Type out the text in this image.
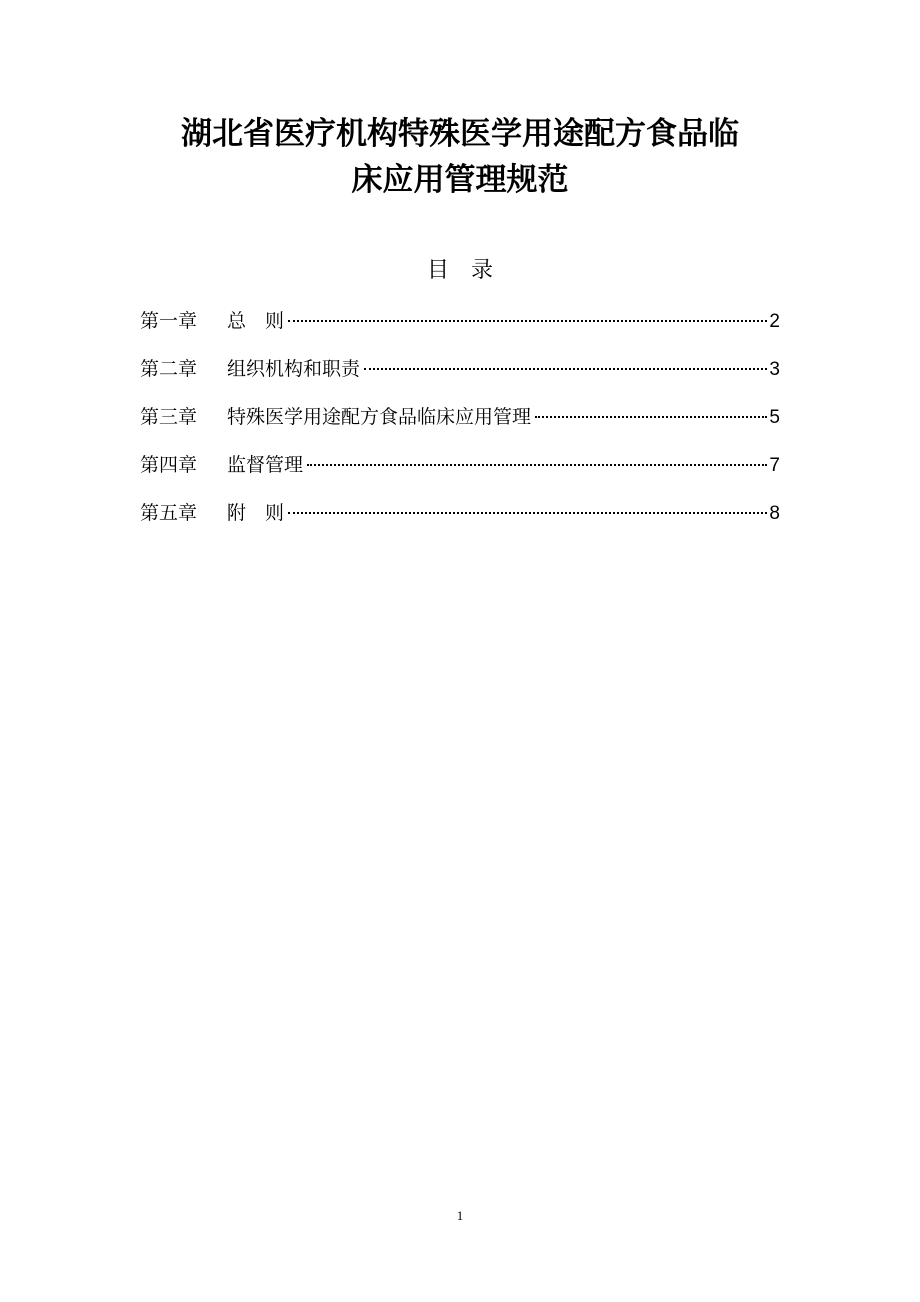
湖北省医疗机构特殊医学用途配方食品临
床应用管理规范
目 录
第一章	总　则	2
第二章	组织机构和职责	3
第三章	特殊医学用途配方食品临床应用管理	5
第四章	监督管理	7
第五章	附　则	8
1
